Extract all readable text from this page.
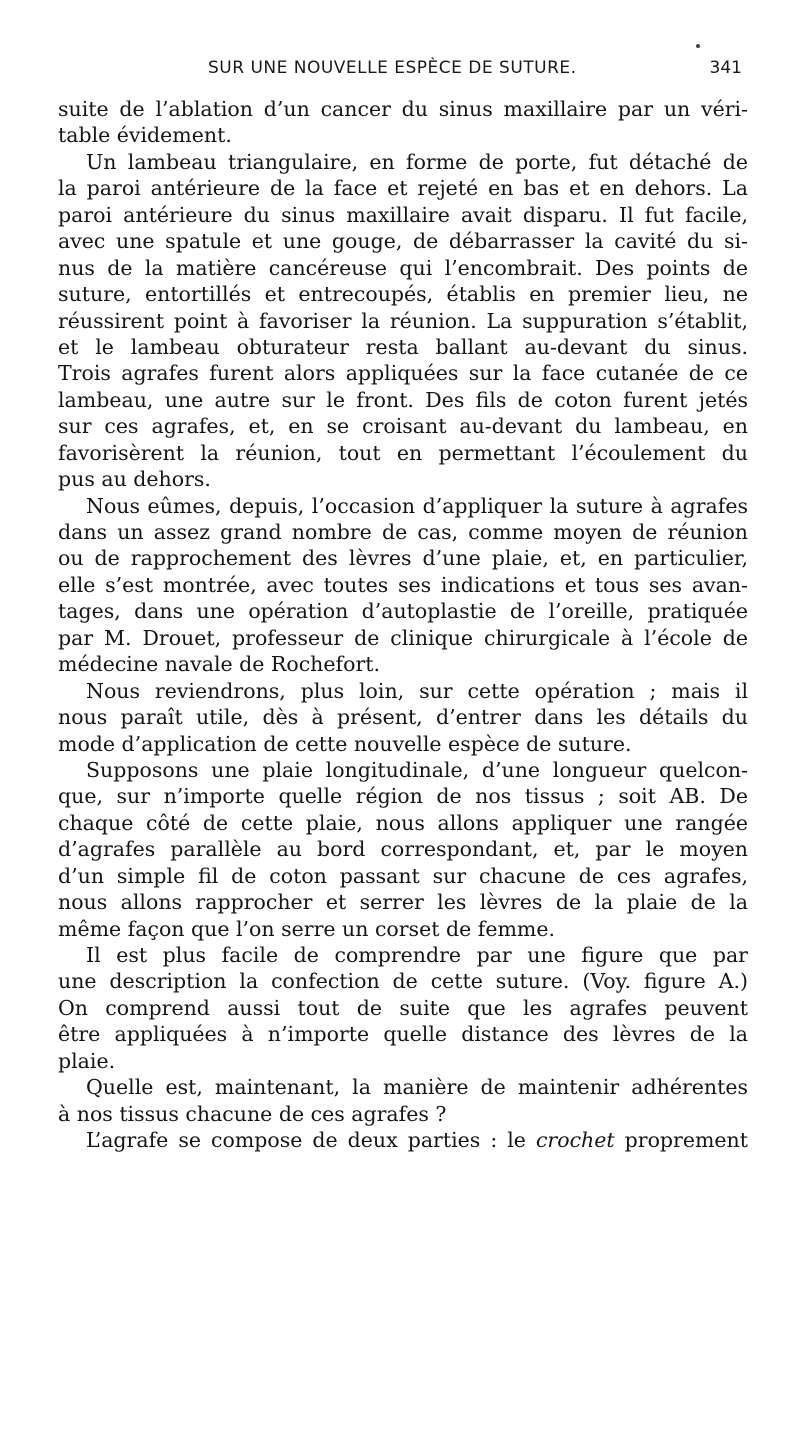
SUR UNE NOUVELLE ESPÈCE DE SUTURE.	341
suite de l’ablation d’un cancer du sinus maxillaire par un véri-
table évidement.
Un lambeau triangulaire, en forme de porte, fut détaché de
la paroi antérieure de la face et rejeté en bas et en dehors. La
paroi antérieure du sinus maxillaire avait disparu. Il fut facile,
avec une spatule et une gouge, de débarrasser la cavité du si-
nus de la matière cancéreuse qui l’encombrait. Des points de
suture, entortillés et entrecoupés, établis en premier lieu, ne
réussirent point à favoriser la réunion. La suppuration s’établit,
et le lambeau obturateur resta ballant au-devant du sinus.
Trois agrafes furent alors appliquées sur la face cutanée de ce
lambeau, une autre sur le front. Des fils de coton furent jetés
sur ces agrafes, et, en se croisant au-devant du lambeau, en
favorisèrent la réunion, tout en permettant l’écoulement du
pus au dehors.
Nous eûmes, depuis, l’occasion d’appliquer la suture à agrafes
dans un assez grand nombre de cas, comme moyen de réunion
ou de rapprochement des lèvres d’une plaie, et, en particulier,
elle s’est montrée, avec toutes ses indications et tous ses avan-
tages, dans une opération d’autoplastie de l’oreille, pratiquée
par M. Drouet, professeur de clinique chirurgicale à l’école de
médecine navale de Rochefort.
Nous reviendrons, plus loin, sur cette opération ; mais il
nous paraît utile, dès à présent, d’entrer dans les détails du
mode d’application de cette nouvelle espèce de suture.
Supposons une plaie longitudinale, d’une longueur quelcon-
que, sur n’importe quelle région de nos tissus ; soit AB. De
chaque côté de cette plaie, nous allons appliquer une rangée
d’agrafes parallèle au bord correspondant, et, par le moyen
d’un simple fil de coton passant sur chacune de ces agrafes,
nous allons rapprocher et serrer les lèvres de la plaie de la
même façon que l’on serre un corset de femme.
Il est plus facile de comprendre par une figure que par
une description la confection de cette suture. (Voy. figure A.)
On comprend aussi tout de suite que les agrafes peuvent
être appliquées à n’importe quelle distance des lèvres de la
plaie.
Quelle est, maintenant, la manière de maintenir adhérentes
à nos tissus chacune de ces agrafes ?
L’agrafe se compose de deux parties : le crochet proprement
